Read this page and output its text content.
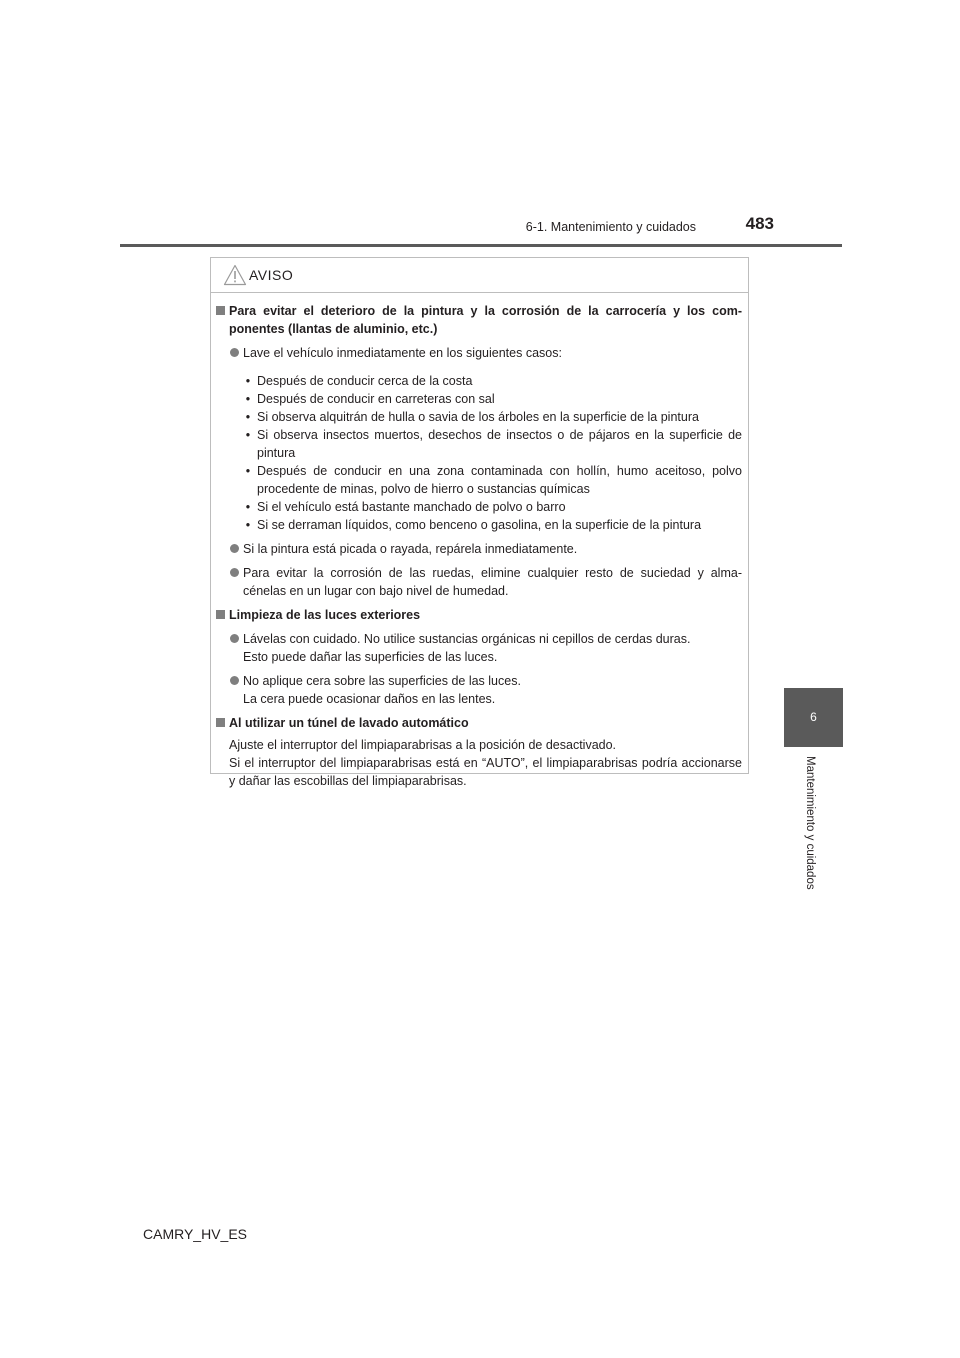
6-1. Mantenimiento y cuidados	483
6
Mantenimiento y cuidados
AVISO
Para evitar el deterioro de la pintura y la corrosión de la carrocería y los com- ponentes (llantas de aluminio, etc.)
Lave el vehículo inmediatamente en los siguientes casos:
• Después de conducir cerca de la costa
• Después de conducir en carreteras con sal
• Si observa alquitrán de hulla o savia de los árboles en la superficie de la pintura
• Si observa insectos muertos, desechos de insectos o de pájaros en la superficie de pintura
• Después de conducir en una zona contaminada con hollín, humo aceitoso, polvo procedente de minas, polvo de hierro o sustancias químicas
• Si el vehículo está bastante manchado de polvo o barro
• Si se derraman líquidos, como benceno o gasolina, en la superficie de la pintura
Si la pintura está picada o rayada, repárela inmediatamente.
Para evitar la corrosión de las ruedas, elimine cualquier resto de suciedad y alma- cénelas en un lugar con bajo nivel de humedad.
Limpieza de las luces exteriores
Lávelas con cuidado. No utilice sustancias orgánicas ni cepillos de cerdas duras.
Esto puede dañar las superficies de las luces.
No aplique cera sobre las superficies de las luces.
La cera puede ocasionar daños en las lentes.
Al utilizar un túnel de lavado automático
Ajuste el interruptor del limpiaparabrisas a la posición de desactivado.
Si el interruptor del limpiaparabrisas está en “AUTO”, el limpiaparabrisas podría accionarse y dañar las escobillas del limpiaparabrisas.
CAMRY_HV_ES
